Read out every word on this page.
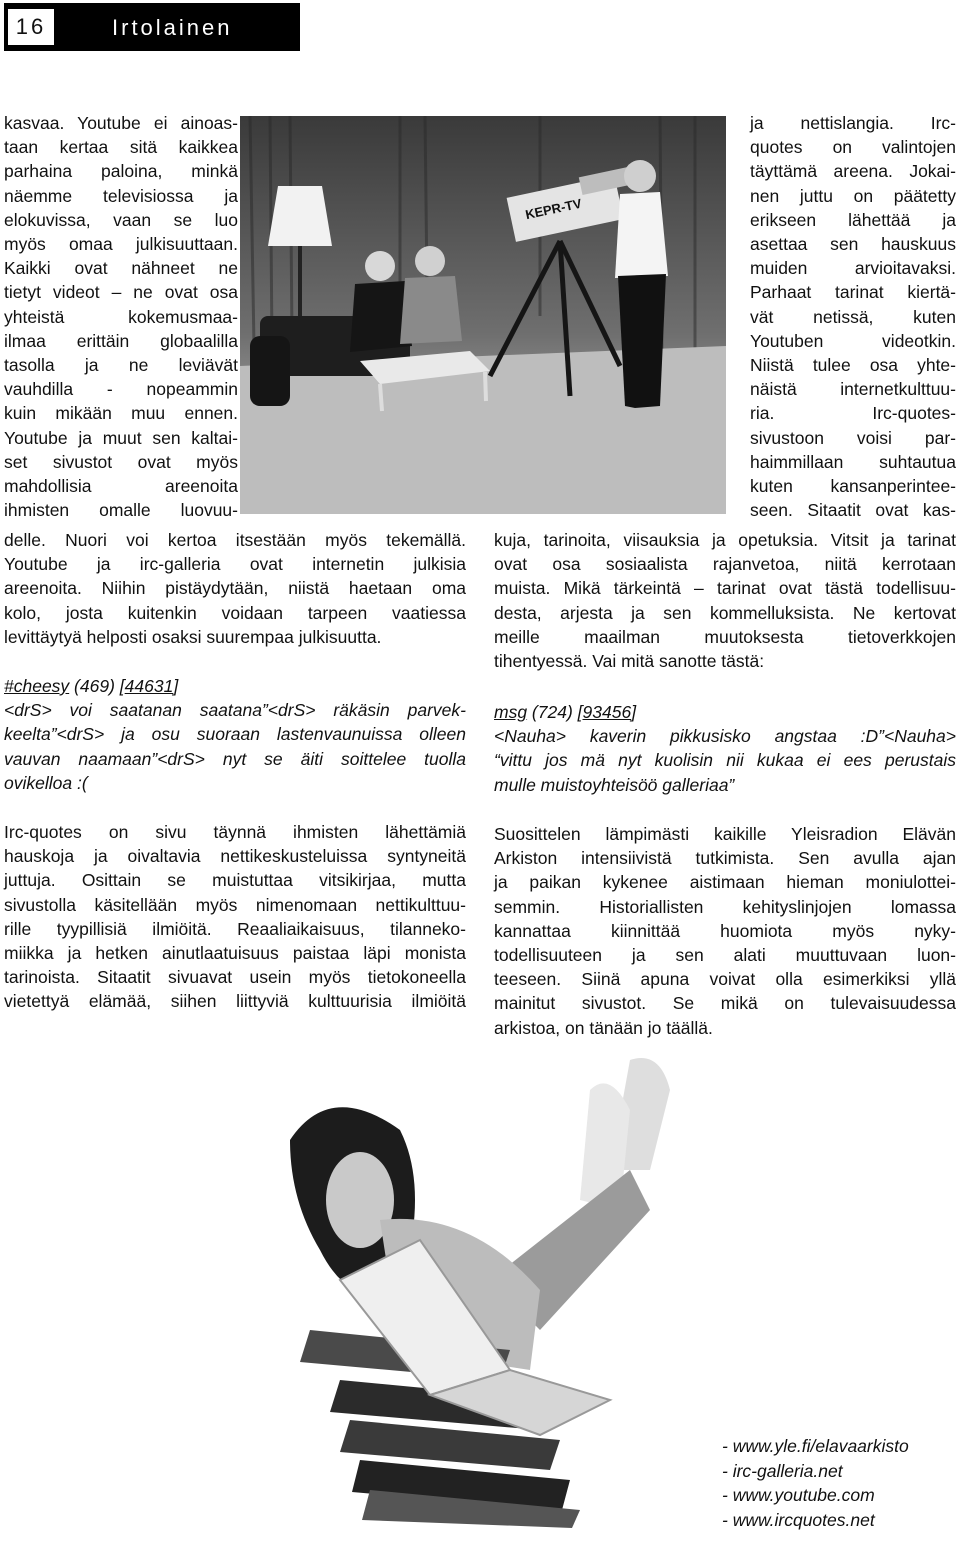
16	Irtolainen
kasvaa. Youtube ei ainoas-
taan kertaa sitä kaikkea
parhaina paloina, minkä
näemme televisiossa ja
elokuvissa, vaan se luo
myös omaa julkisuuttaan.
Kaikki ovat nähneet ne
tietyt videot – ne ovat osa
yhteistä kokemusmaa-
ilmaa erittäin globaalilla
tasolla ja ne leviävät
vauhdilla - nopeammin
kuin mikään muu ennen.
Youtube ja muut sen kaltai-
set sivustot ovat myös
mahdollisia areenoita
ihmisten omalle luovuu-
delle. Nuori voi kertoa itsestään myös tekemällä.
Youtube ja irc-galleria ovat internetin julkisia
areenoita. Niihin pistäydytään, niistä haetaan oma
kolo, josta kuitenkin voidaan tarpeen vaatiessa
levittäytyä helposti osaksi suurempaa julkisuutta.
#cheesy (469) [44631]
<drS> voi saatanan saatana”<drS> räkäsin parvek-
keelta”<drS> ja osu suoraan lastenvaunuissa olleen
vauvan naamaan”<drS> nyt se äiti soittelee tuolla
ovikelloa :(
Irc-quotes on sivu täynnä ihmisten lähettämiä
hauskoja ja oivaltavia nettikeskusteluissa syntyneitä
juttuja. Osittain se muistuttaa vitsikirjaa, mutta
sivustolla käsitellään myös nimenomaan nettikulttuu-
rille tyypillisiä ilmiöitä. Reaaliaikaisuus, tilanneko-
miikka ja hetken ainutlaatuisuus paistaa läpi monista
tarinoista. Sitaatit sivuavat usein myös tietokoneella
vietettyä elämää, siihen liittyviä kulttuurisia ilmiöitä
ja nettislangia. Irc-
quotes on valintojen
täyttämä areena. Jokai-
nen juttu on päätetty
erikseen lähettää ja
asettaa sen hauskuus
muiden arvioitavaksi.
Parhaat tarinat kiertä-
vät netissä, kuten
Youtuben videotkin.
Niistä tulee osa yhte-
näistä internetkulttuu-
ria. Irc-quotes-
sivustoon voisi par-
haimmillaan suhtautua
kuten kansanperintee-
seen. Sitaatit ovat kas-
kuja, tarinoita, viisauksia ja opetuksia. Vitsit ja tarinat
ovat osa sosiaalista rajanvetoa, niitä kerrotaan
muista. Mikä tärkeintä – tarinat ovat tästä todellisuu-
desta, arjesta ja sen kommelluksista. Ne kertovat
meille maailman muutoksesta tietoverkkojen
tihentyessä. Vai mitä sanotte tästä:
msg (724) [93456]
<Nauha> kaverin pikkusisko angstaa :D”<Nauha>
“vittu jos mä nyt kuolisin nii kukaa ei ees perustais
mulle muistoyhteisöö galleriaa”
Suosittelen lämpimästi kaikille Yleisradion Elävän
Arkiston intensiivistä tutkimista. Sen avulla ajan
ja paikan kykenee aistimaan hieman moniulottei-
semmin. Historiallisten kehityslinjojen lomassa
kannattaa kiinnittää huomiota myös nyky-
todellisuuteen ja sen alati muuttuvaan luon-
teeseen. Siinä apuna voivat olla esimerkiksi yllä
mainitut sivustot. Se mikä on tulevaisuudessa
arkistoa, on tänään jo täällä.
KEPR-TV
- www.yle.fi/elavaarkisto
- irc-galleria.net
- www.youtube.com
- www.ircquotes.net
